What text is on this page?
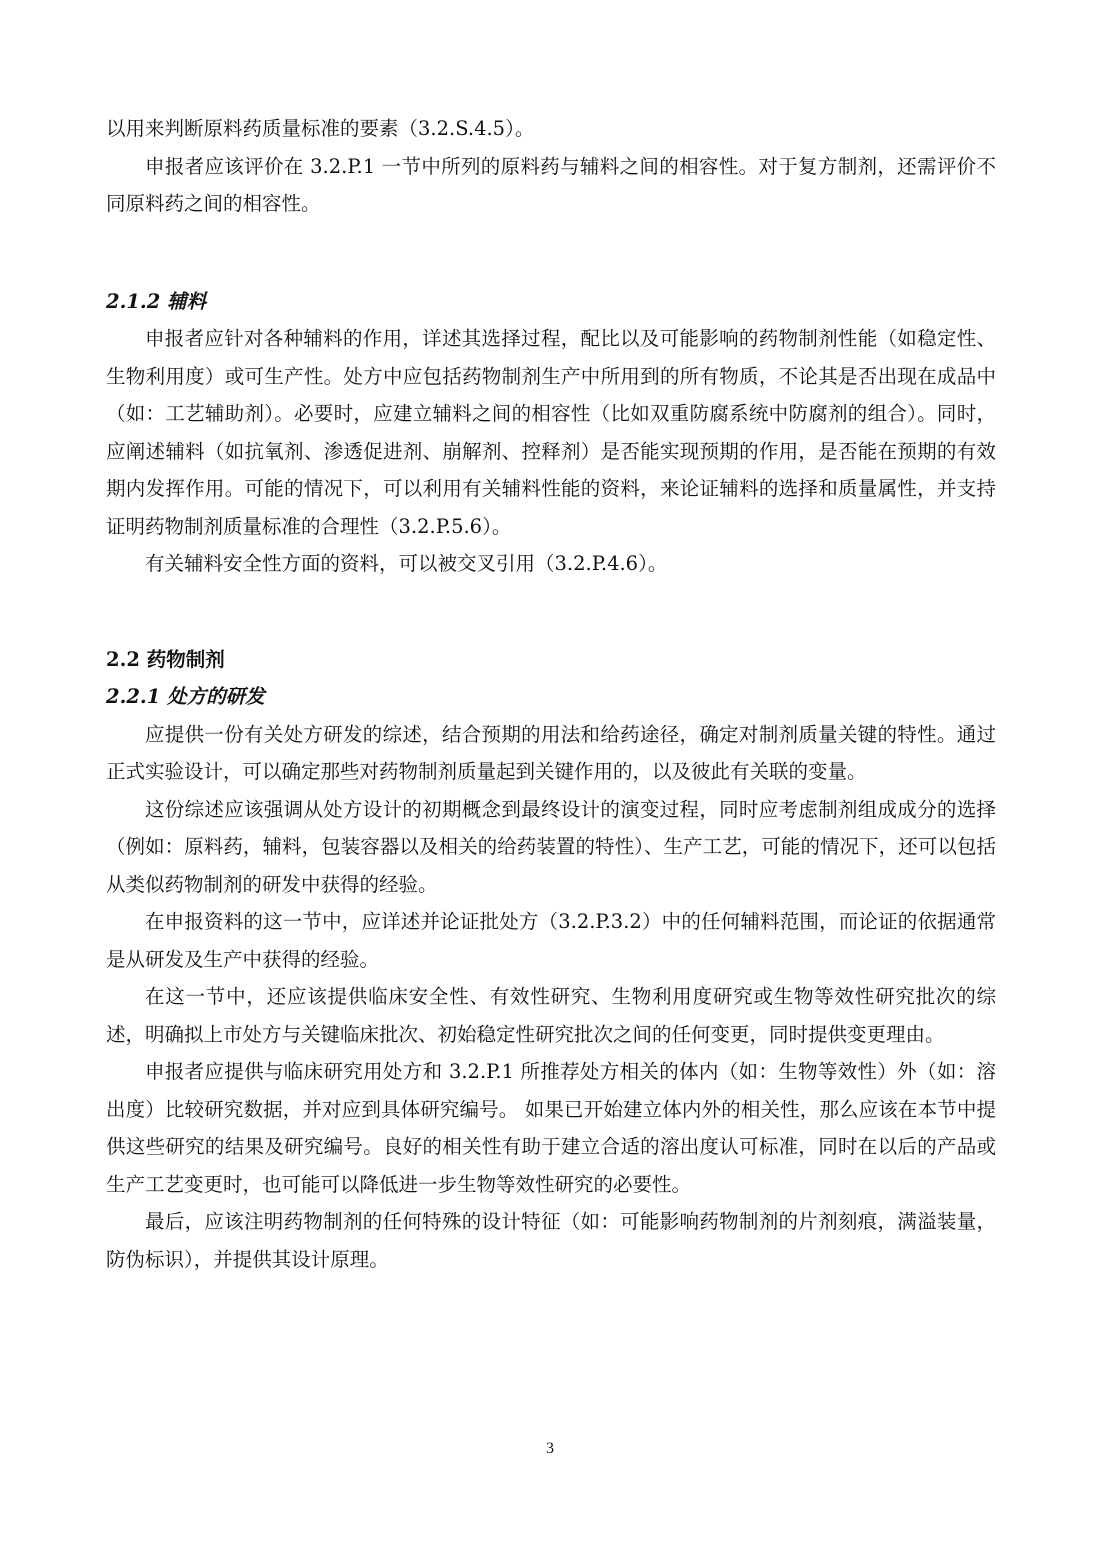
以用来判断原料药质量标准的要素（3.2.S.4.5）。

申报者应该评价在 3.2.P.1 一节中所列的原料药与辅料之间的相容性。对于复方制剂，还需评价不同原料药之间的相容性。

2.1.2 辅料

申报者应针对各种辅料的作用，详述其选择过程，配比以及可能影响的药物制剂性能（如稳定性、生物利用度）或可生产性。处方中应包括药物制剂生产中所用到的所有物质，不论其是否出现在成品中（如：工艺辅助剂）。必要时，应建立辅料之间的相容性（比如双重防腐系统中防腐剂的组合）。同时，应阐述辅料（如抗氧剂、渗透促进剂、崩解剂、控释剂）是否能实现预期的作用，是否能在预期的有效期内发挥作用。可能的情况下，可以利用有关辅料性能的资料，来论证辅料的选择和质量属性，并支持证明药物制剂质量标准的合理性（3.2.P.5.6）。

有关辅料安全性方面的资料，可以被交叉引用（3.2.P.4.6）。

2.2 药物制剂
2.2.1 处方的研发

应提供一份有关处方研发的综述，结合预期的用法和给药途径，确定对制剂质量关键的特性。通过正式实验设计，可以确定那些对药物制剂质量起到关键作用的，以及彼此有关联的变量。

这份综述应该强调从处方设计的初期概念到最终设计的演变过程，同时应考虑制剂组成成分的选择（例如：原料药，辅料，包装容器以及相关的给药装置的特性）、生产工艺，可能的情况下，还可以包括从类似药物制剂的研发中获得的经验。

在申报资料的这一节中，应详述并论证批处方（3.2.P.3.2）中的任何辅料范围，而论证的依据通常是从研发及生产中获得的经验。

在这一节中，还应该提供临床安全性、有效性研究、生物利用度研究或生物等效性研究批次的综述，明确拟上市处方与关键临床批次、初始稳定性研究批次之间的任何变更，同时提供变更理由。

申报者应提供与临床研究用处方和 3.2.P.1 所推荐处方相关的体内（如：生物等效性）外（如：溶出度）比较研究数据，并对应到具体研究编号。 如果已开始建立体内外的相关性，那么应该在本节中提供这些研究的结果及研究编号。良好的相关性有助于建立合适的溶出度认可标准，同时在以后的产品或生产工艺变更时，也可能可以降低进一步生物等效性研究的必要性。

最后，应该注明药物制剂的任何特殊的设计特征（如：可能影响药物制剂的片剂刻痕，满溢装量，防伪标识），并提供其设计原理。

3
